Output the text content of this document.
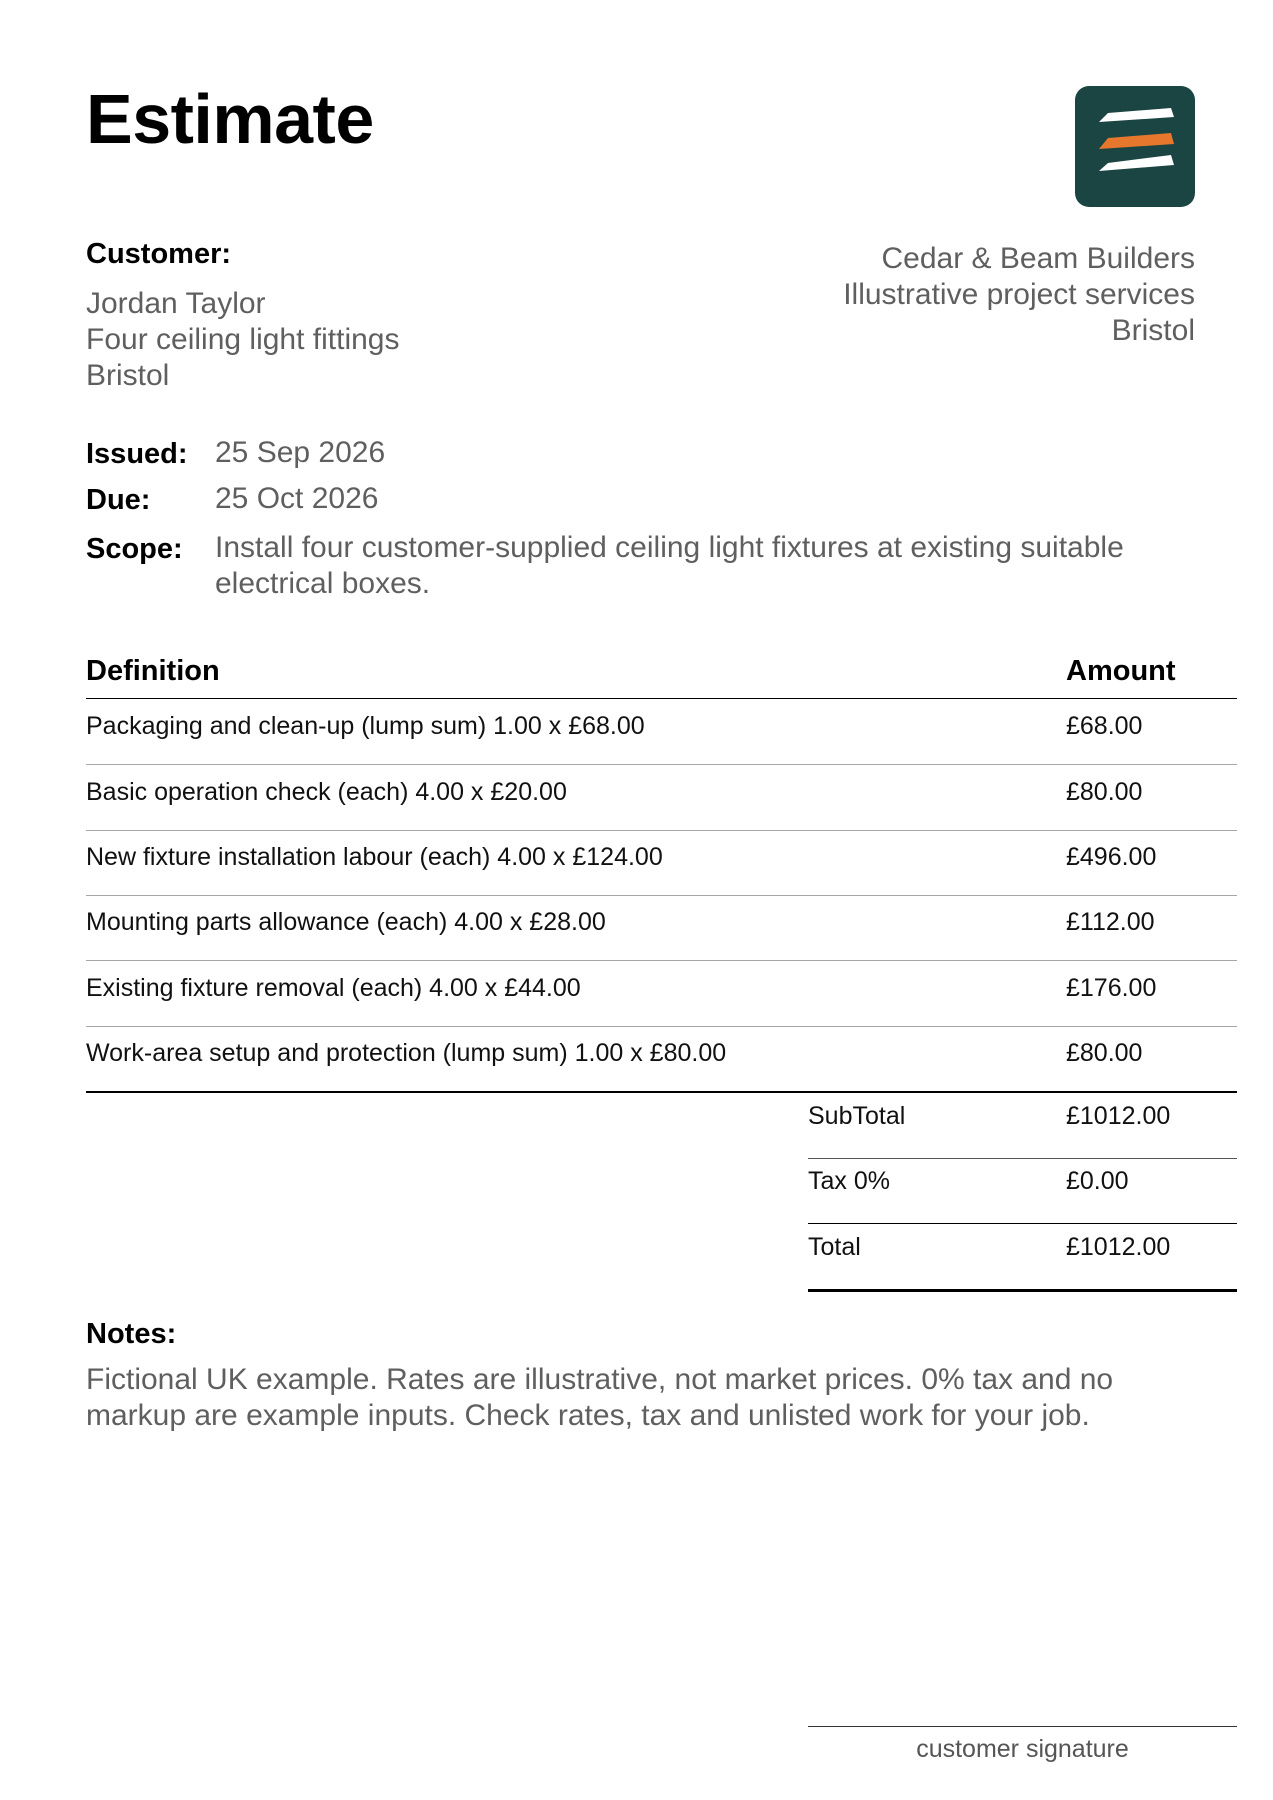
Estimate
Customer:
Jordan Taylor
Four ceiling light fittings
Bristol
Cedar & Beam Builders
Illustrative project services
Bristol
Issued: 25 Sep 2026
Due: 25 Oct 2026
Scope: Install four customer-supplied ceiling light fixtures at existing suitable electrical boxes.
Definition	Amount
Packaging and clean-up (lump sum) 1.00 x £68.00	£68.00
Basic operation check (each) 4.00 x £20.00	£80.00
New fixture installation labour (each) 4.00 x £124.00	£496.00
Mounting parts allowance (each) 4.00 x £28.00	£112.00
Existing fixture removal (each) 4.00 x £44.00	£176.00
Work-area setup and protection (lump sum) 1.00 x £80.00	£80.00
SubTotal	£1012.00
Tax 0%	£0.00
Total	£1012.00
Notes:
Fictional UK example. Rates are illustrative, not market prices. 0% tax and no
markup are example inputs. Check rates, tax and unlisted work for your job.
customer signature
